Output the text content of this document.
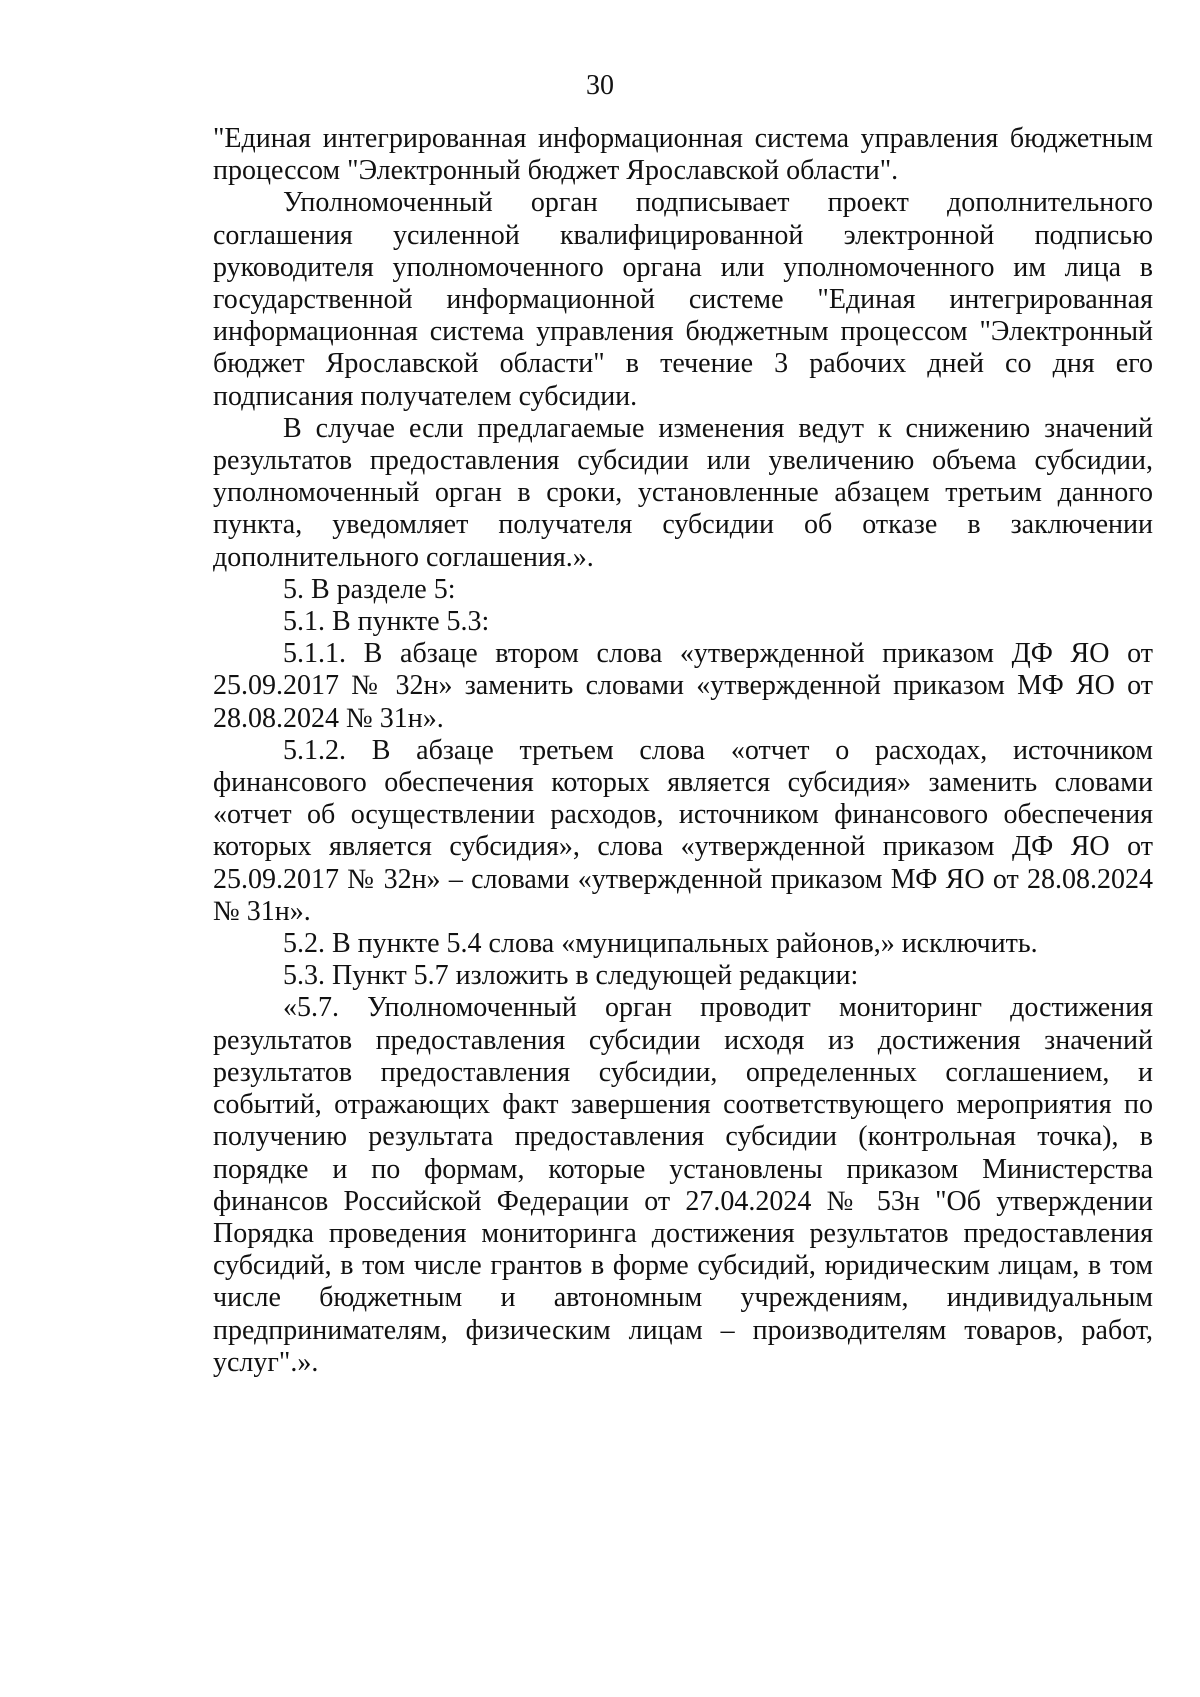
30

"Единая интегрированная информационная система управления бюджетным процессом "Электронный бюджет Ярославской области".

Уполномоченный орган подписывает проект дополнительного соглашения усиленной квалифицированной электронной подписью руководителя уполномоченного органа или уполномоченного им лица в государственной информационной системе "Единая интегрированная информационная система управления бюджетным процессом "Электронный бюджет Ярославской области" в течение 3 рабочих дней со дня его подписания получателем субсидии.

В случае если предлагаемые изменения ведут к снижению значений результатов предоставления субсидии или увеличению объема субсидии, уполномоченный орган в сроки, установленные абзацем третьим данного пункта, уведомляет получателя субсидии об отказе в заключении дополнительного соглашения.».

5. В разделе 5:

5.1. В пункте 5.3:

5.1.1. В абзаце втором слова «утвержденной приказом ДФ ЯО от 25.09.2017 № 32н» заменить словами «утвержденной приказом МФ ЯО от 28.08.2024 № 31н».

5.1.2. В абзаце третьем слова «отчет о расходах, источником финансового обеспечения которых является субсидия» заменить словами «отчет об осуществлении расходов, источником финансового обеспечения которых является субсидия», слова «утвержденной приказом ДФ ЯО от 25.09.2017 № 32н» – словами «утвержденной приказом МФ ЯО от 28.08.2024 № 31н».

5.2. В пункте 5.4 слова «муниципальных районов,» исключить.

5.3. Пункт 5.7 изложить в следующей редакции:

«5.7. Уполномоченный орган проводит мониторинг достижения результатов предоставления субсидии исходя из достижения значений результатов предоставления субсидии, определенных соглашением, и событий, отражающих факт завершения соответствующего мероприятия по получению результата предоставления субсидии (контрольная точка), в порядке и по формам, которые установлены приказом Министерства финансов Российской Федерации от 27.04.2024 № 53н "Об утверждении Порядка проведения мониторинга достижения результатов предоставления субсидий, в том числе грантов в форме субсидий, юридическим лицам, в том числе бюджетным и автономным учреждениям, индивидуальным предпринимателям, физическим лицам – производителям товаров, работ, услуг".».
